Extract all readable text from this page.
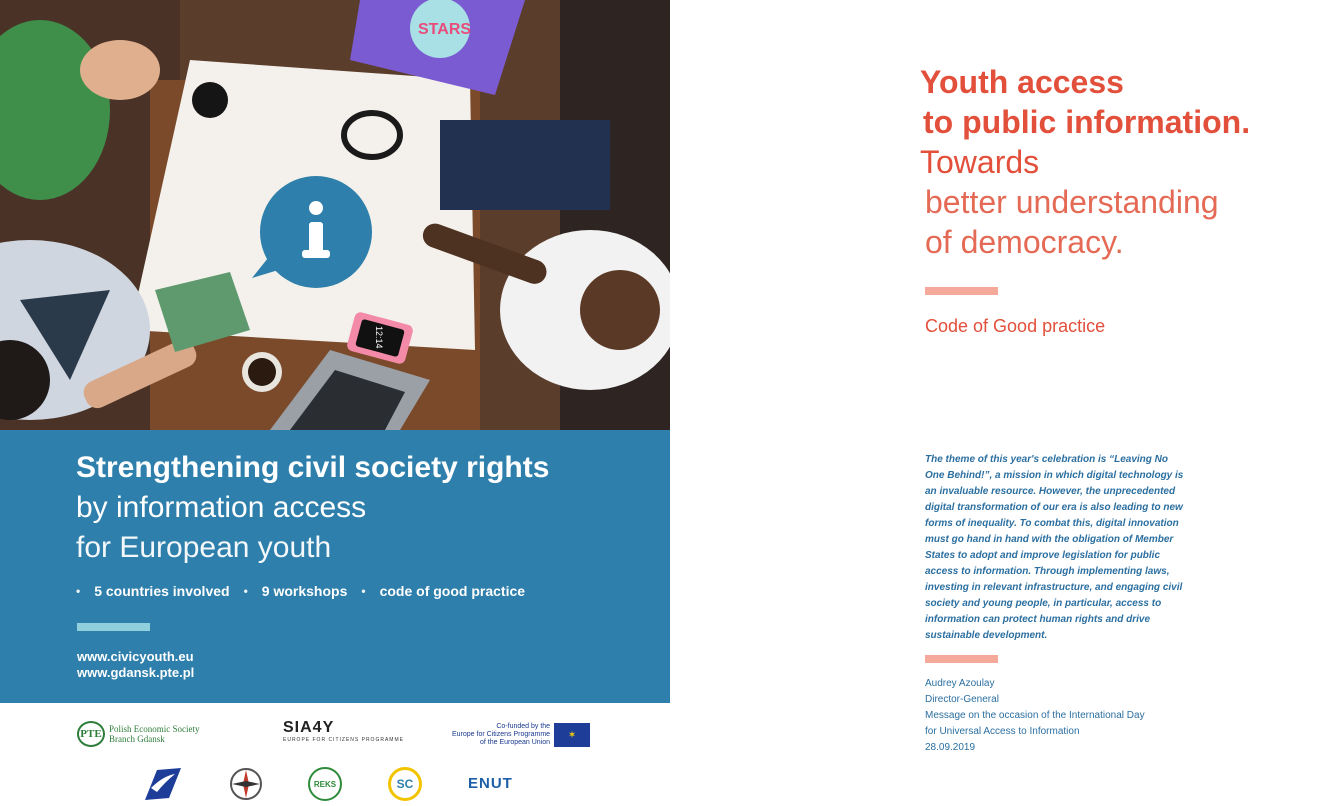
STARS
12:14
Strengthening civil society rights
by information access
for European youth
• 5 countries involved • 9 workshops • code of good practice
www.civicyouth.eu
www.gdansk.pte.pl
PTE Polish Economic Society
Branch Gdansk
SIA4Y
EUROPE FOR CITIZENS PROGRAMME
Co-funded by the
Europe for Citizens Programme
of the European Union
✶
REKS	SC	ENUT
Youth access
to public information.
Towards
better understanding
of democracy.
Code of Good practice
The theme of this year's celebration is “Leaving No One Behind!”, a mission in which digital technology is an invaluable resource. However, the unprecedented digital transformation of our era is also leading to new forms of inequality. To combat this, digital innovation must go hand in hand with the obligation of Member States to adopt and improve legislation for public access to information. Through implementing laws, investing in relevant infrastructure, and engaging civil society and young people, in particular, access to information can protect human rights and drive sustainable development.
Audrey Azoulay
Director-General
Message on the occasion of the International Day
for Universal Access to Information
28.09.2019
